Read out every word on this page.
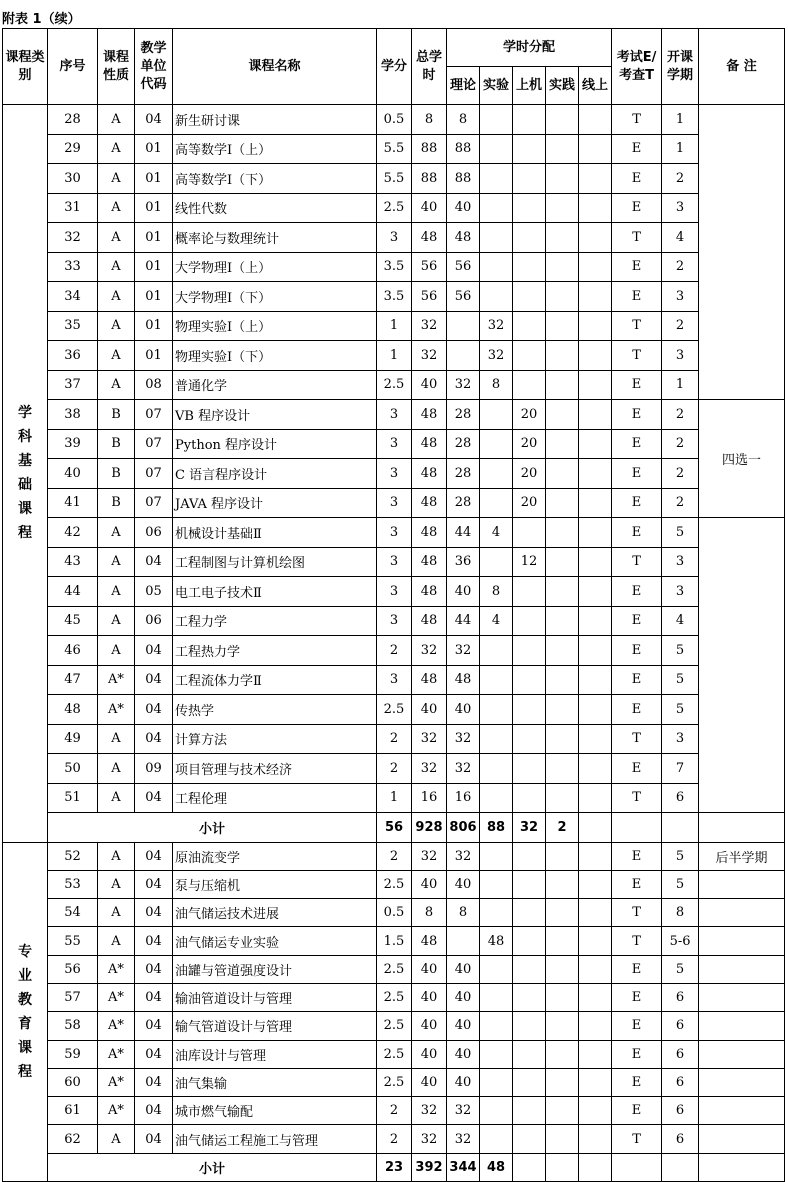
附表 1（续）
课程类别	序号	课程性质	教学单位代码	课程名称	学分	总学时	学时分配					考试E/考查T	开课学期	备 注
							理论	实验	上机	实践	线上			

学科基础课程	28	A	04	新生研讨课	0.5	8	8					T	1	
	29	A	01	高等数学Ⅰ（上）	5.5	88	88					E	1	
	30	A	01	高等数学Ⅰ（下）	5.5	88	88					E	2	
	31	A	01	线性代数	2.5	40	40					E	3	
	32	A	01	概率论与数理统计	3	48	48					T	4	
	33	A	01	大学物理Ⅰ（上）	3.5	56	56					E	2	
	34	A	01	大学物理Ⅰ（下）	3.5	56	56					E	3	
	35	A	01	物理实验Ⅰ（上）	1	32		32				T	2	
	36	A	01	物理实验Ⅰ（下）	1	32		32				T	3	
	37	A	08	普通化学	2.5	40	32	8				E	1	
	38	B	07	VB 程序设计	3	48	28		20			E	2	四选一
	39	B	07	Python 程序设计	3	48	28		20			E	2	
	40	B	07	C 语言程序设计	3	48	28		20			E	2	
	41	B	07	JAVA 程序设计	3	48	28		20			E	2	
	42	A	06	机械设计基础Ⅱ	3	48	44	4				E	5	
	43	A	04	工程制图与计算机绘图	3	48	36		12			T	3	
	44	A	05	电工电子技术Ⅱ	3	48	40	8				E	3	
	45	A	06	工程力学	3	48	44	4				E	4	
	46	A	04	工程热力学	2	32	32					E	5	
	47	A*	04	工程流体力学Ⅱ	3	48	48					E	5	
	48	A*	04	传热学	2.5	40	40					E	5	
	49	A	04	计算方法	2	32	32					T	3	
	50	A	09	项目管理与技术经济	2	32	32					E	7	
	51	A	04	工程伦理	1	16	16					T	6	
	小计				56	928	806	88	32	2				

专业教育课程	52	A	04	原油流变学	2	32	32					E	5	后半学期
	53	A	04	泵与压缩机	2.5	40	40					E	5	
	54	A	04	油气储运技术进展	0.5	8	8					T	8	
	55	A	04	油气储运专业实验	1.5	48		48				T	5-6	
	56	A*	04	油罐与管道强度设计	2.5	40	40					E	5	
	57	A*	04	输油管道设计与管理	2.5	40	40					E	6	
	58	A*	04	输气管道设计与管理	2.5	40	40					E	6	
	59	A*	04	油库设计与管理	2.5	40	40					E	6	
	60	A*	04	油气集输	2.5	40	40					E	6	
	61	A*	04	城市燃气输配	2	32	32					E	6	
	62	A	04	油气储运工程施工与管理	2	32	32					T	6	
	小计				23	392	344	48						
